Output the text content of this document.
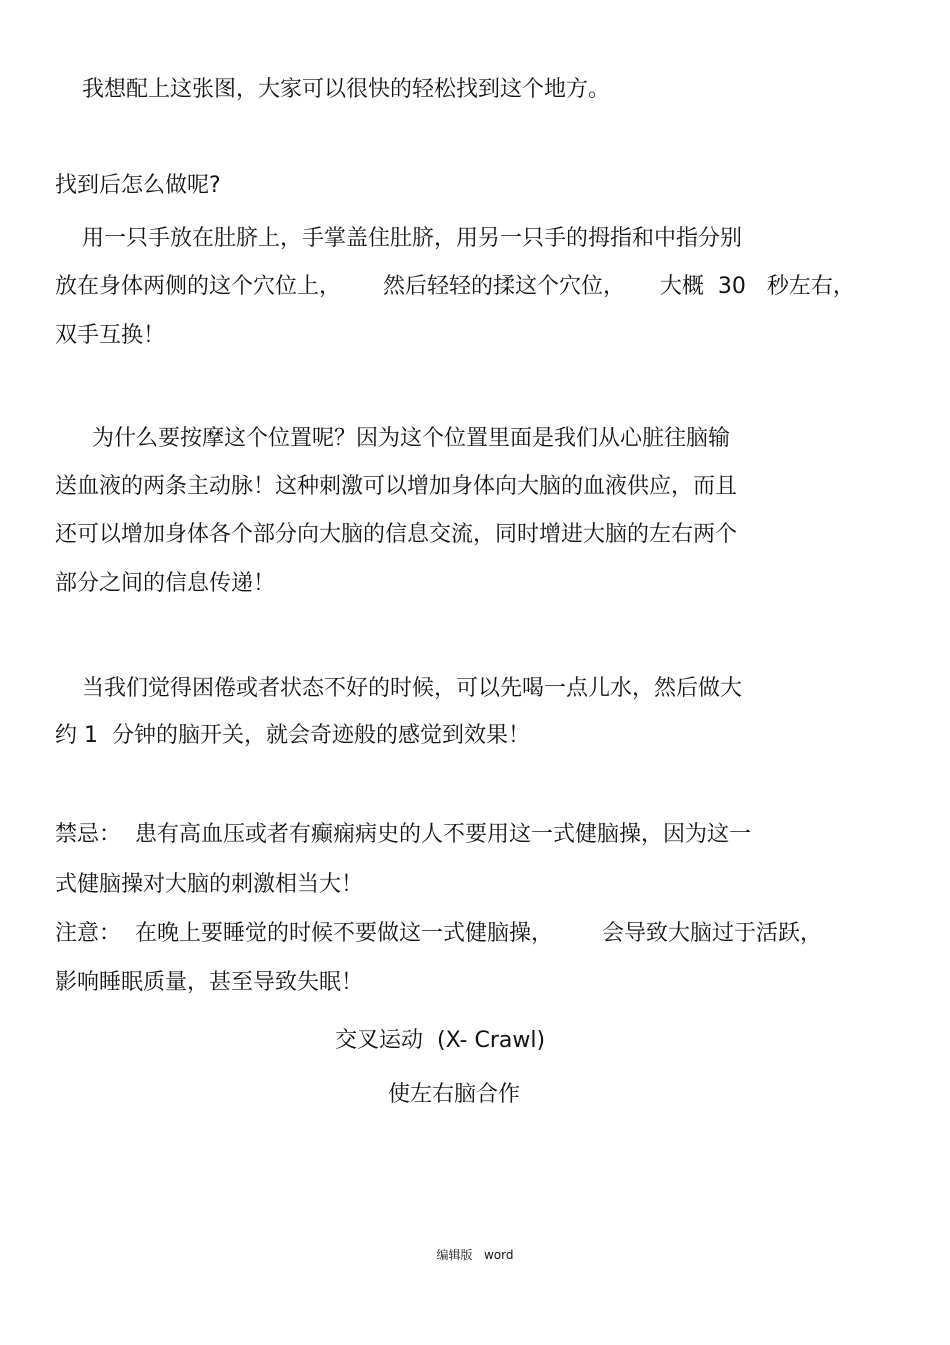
我想配上这张图，大家可以很快的轻松找到这个地方。

找到后怎么做呢?

用一只手放在肚脐上，手掌盖住肚脐，用另一只手的拇指和中指分别

放在身体两侧的这个穴位上，      然后轻轻的揉这个穴位，     大概  30   秒左右，

双手互换！

为什么要按摩这个位置呢？因为这个位置里面是我们从心脏往脑输

送血液的两条主动脉！这种刺激可以增加身体向大脑的血液供应，而且

还可以增加身体各个部分向大脑的信息交流，同时增进大脑的左右两个

部分之间的信息传递！

当我们觉得困倦或者状态不好的时候，可以先喝一点儿水，然后做大

约 1  分钟的脑开关，就会奇迹般的感觉到效果！

禁忌：  患有高血压或者有癫痫病史的人不要用这一式健脑操，因为这一

式健脑操对大脑的刺激相当大！

注意：  在晚上要睡觉的时候不要做这一式健脑操，       会导致大脑过于活跃，

影响睡眠质量，甚至导致失眠！

交叉运动  (X- Crawl)
使左右脑合作
编辑版   word
